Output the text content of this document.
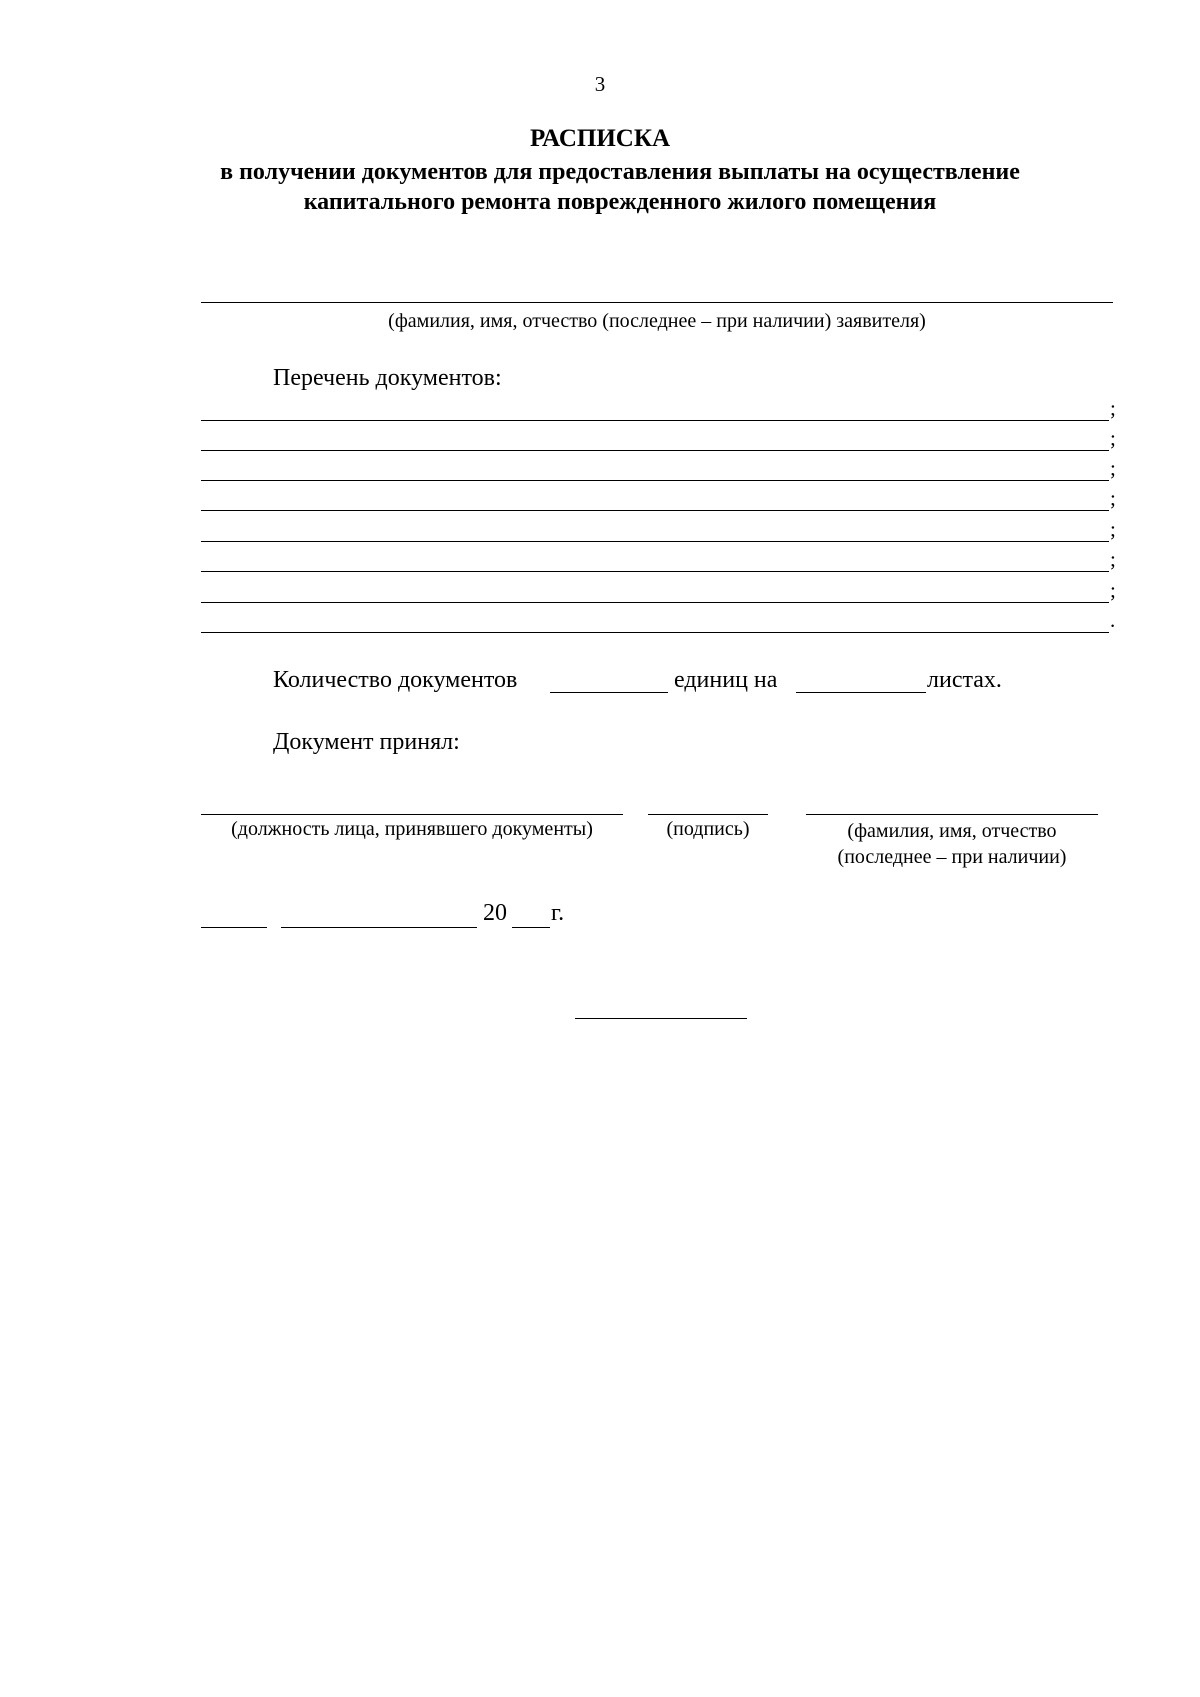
3
РАСПИСКА
в получении документов для предоставления выплаты на осуществление
капитального ремонта поврежденного жилого помещения
(фамилия, имя, отчество (последнее – при наличии) заявителя)
Перечень документов:
;
;
;
;
;
;
;
.
Количество документов	единиц на	листах.
Документ принял:
(должность лица, принявшего документы)	(подпись)	(фамилия, имя, отчество
(последнее – при наличии)
20 г.
